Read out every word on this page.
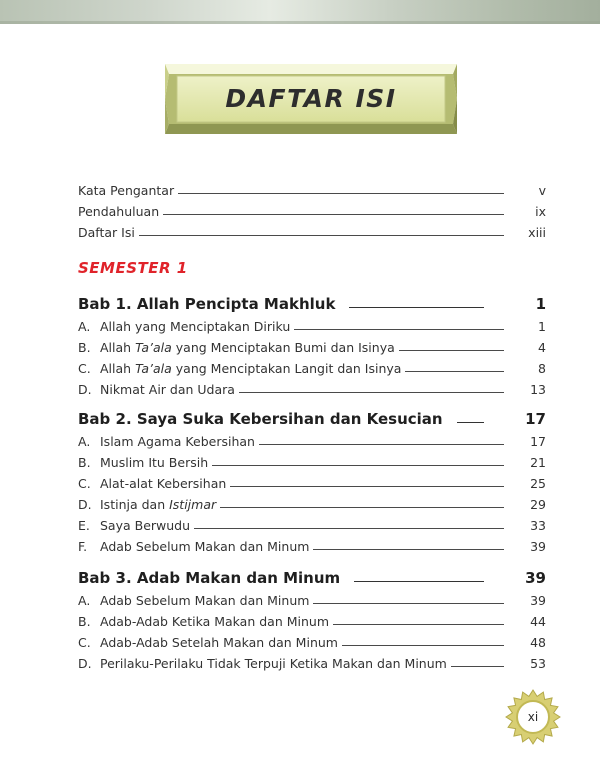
DAFTAR ISI
Kata Pengantar	v
Pendahuluan	ix
Daftar Isi	xiii
SEMESTER 1
Bab 1. Allah Pencipta Makhluk	1
A. Allah yang Menciptakan Diriku	1
B. Allah Ta’ala yang Menciptakan Bumi dan Isinya	4
C. Allah Ta’ala yang Menciptakan Langit dan Isinya	8
D. Nikmat Air dan Udara	13
Bab 2. Saya Suka Kebersihan dan Kesucian	17
A. Islam Agama Kebersihan	17
B. Muslim Itu Bersih	21
C. Alat-alat Kebersihan	25
D. Istinja dan Istijmar	29
E. Saya Berwudu	33
F. Adab Sebelum Makan dan Minum	39
Bab 3. Adab Makan dan Minum	39
A. Adab Sebelum Makan dan Minum	39
B. Adab-Adab Ketika Makan dan Minum	44
C. Adab-Adab Setelah Makan dan Minum	48
D. Perilaku-Perilaku Tidak Terpuji Ketika Makan dan Minum	53
xi
